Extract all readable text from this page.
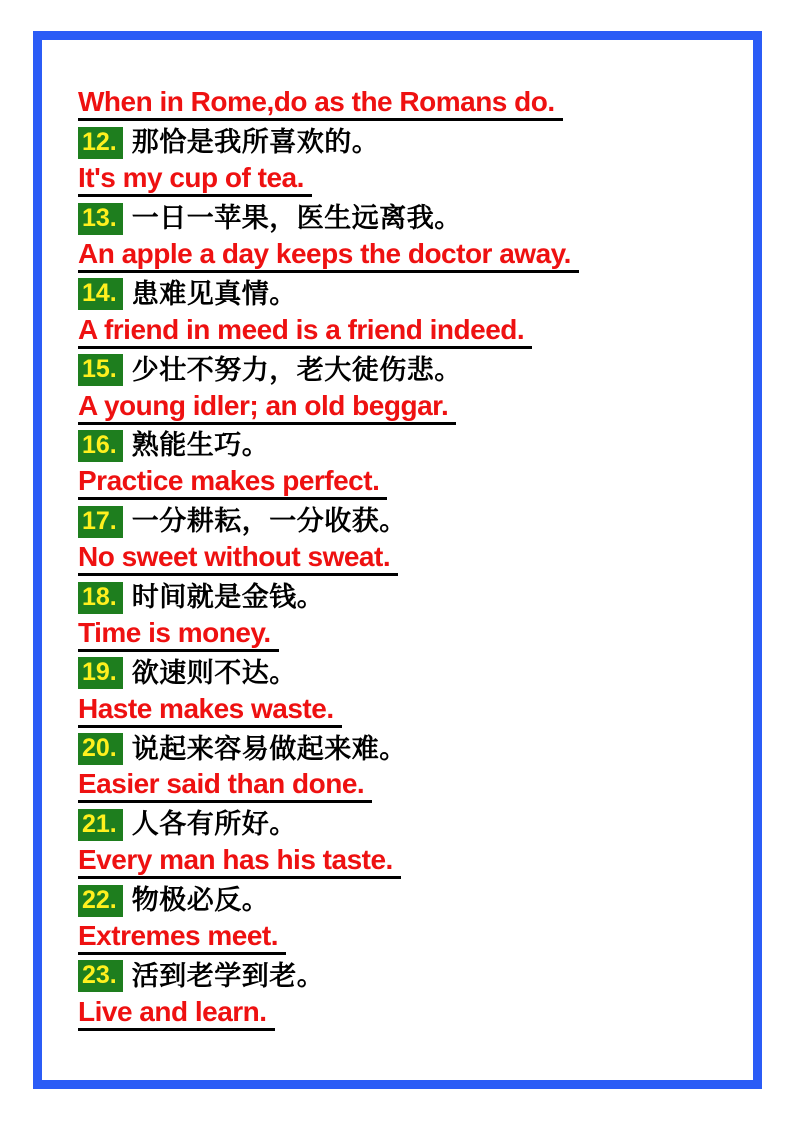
When in Rome,do as the Romans do.
12. 那恰是我所喜欢的。
It's my cup of tea.
13. 一日一苹果，医生远离我。
An apple a day keeps the doctor away.
14. 患难见真情。
A friend in meed is a friend indeed.
15. 少壮不努力，老大徒伤悲。
A young idler; an old beggar.
16. 熟能生巧。
Practice makes perfect.
17. 一分耕耘，一分收获。
No sweet without sweat.
18. 时间就是金钱。
Time is money.
19. 欲速则不达。
Haste makes waste.
20. 说起来容易做起来难。
Easier said than done.
21. 人各有所好。
Every man has his taste.
22. 物极必反。
Extremes meet.
23. 活到老学到老。
Live and learn.
